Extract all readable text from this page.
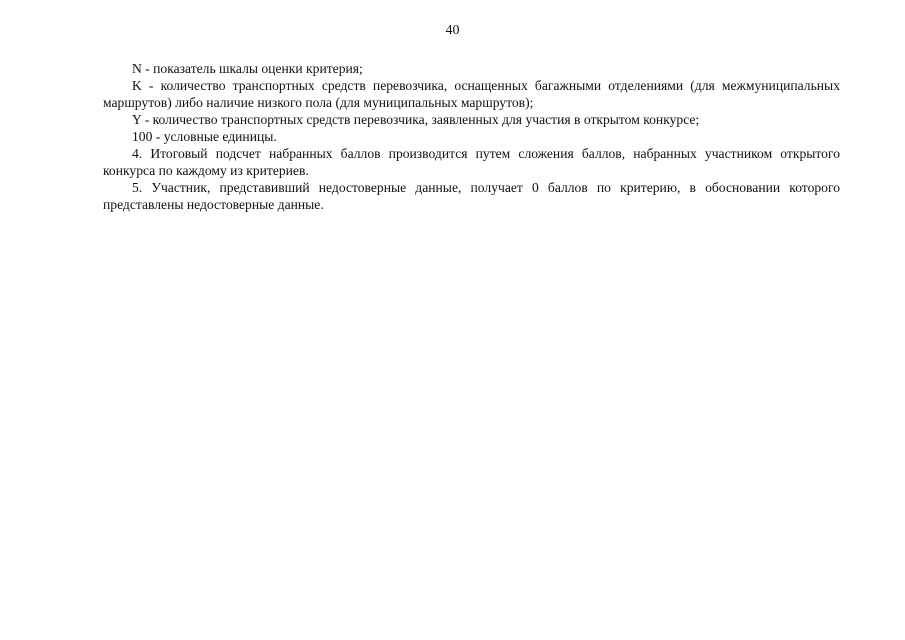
40

N - показатель шкалы оценки критерия;

K - количество транспортных средств перевозчика, оснащенных багажными отделениями (для межмуниципальных маршрутов) либо наличие низкого пола (для муниципальных маршрутов);

Y - количество транспортных средств перевозчика, заявленных для участия в открытом конкурсе;

100 - условные единицы.

4. Итоговый подсчет набранных баллов производится путем сложения баллов, набранных участником открытого конкурса по каждому из критериев.

5. Участник, представивший недостоверные данные, получает 0 баллов по критерию, в обосновании которого представлены недостоверные данные.
